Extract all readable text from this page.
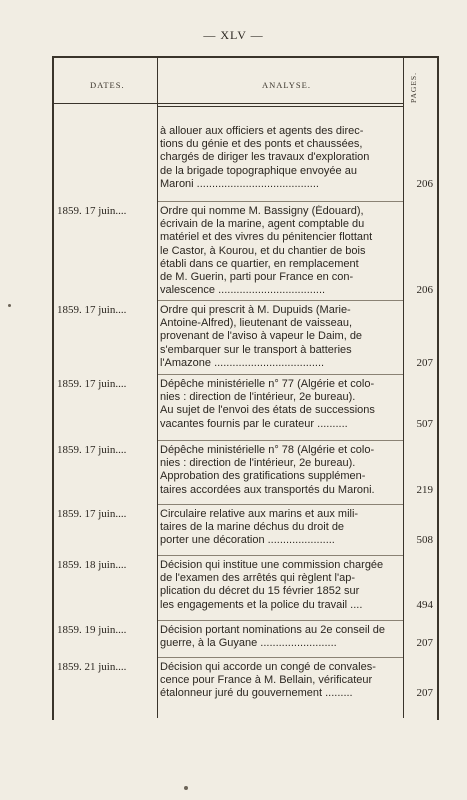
— XLV —
DATES.	ANALYSE.	PAGES.
à allouer aux officiers et agents des direc-
tions du génie et des ponts et chaussées,
chargés de diriger les travaux d'exploration
de la brigade topographique envoyée au
Maroni ........................................	206
1859. 17 juin....	Ordre qui nomme M. Bassigny (Édouard),
écrivain de la marine, agent comptable du
matériel et des vivres du pénitencier flottant
le Castor, à Kourou, et du chantier de bois
établi dans ce quartier, en remplacement
de M. Guerin, parti pour France en con-
valescence ...................................	206
1859. 17 juin....	Ordre qui prescrit à M. Dupuids (Marie-
Antoine-Alfred), lieutenant de vaisseau,
provenant de l'aviso à vapeur le Daim, de
s'embarquer sur le transport à batteries
l'Amazone ....................................	207
1859. 17 juin....	Dépêche ministérielle n° 77 (Algérie et colo-
nies : direction de l'intérieur, 2e bureau).
Au sujet de l'envoi des états de successions
vacantes fournis par le curateur ..........	507
1859. 17 juin....	Dépêche ministérielle n° 78 (Algérie et colo-
nies : direction de l'intérieur, 2e bureau).
Approbation des gratifications supplémen-
taires accordées aux transportés du Maroni.	219
1859. 17 juin....	Circulaire relative aux marins et aux mili-
taires de la marine déchus du droit de
porter une décoration ......................	508
1859. 18 juin....	Décision qui institue une commission chargée
de l'examen des arrêtés qui règlent l'ap-
plication du décret du 15 février 1852 sur
les engagements et la police du travail ....	494
1859. 19 juin....	Décision portant nominations au 2e conseil de
guerre, à la Guyane .........................	207
1859. 21 juin....	Décision qui accorde un congé de convales-
cence pour France à M. Bellain, vérificateur
étalonneur juré du gouvernement .........	207
